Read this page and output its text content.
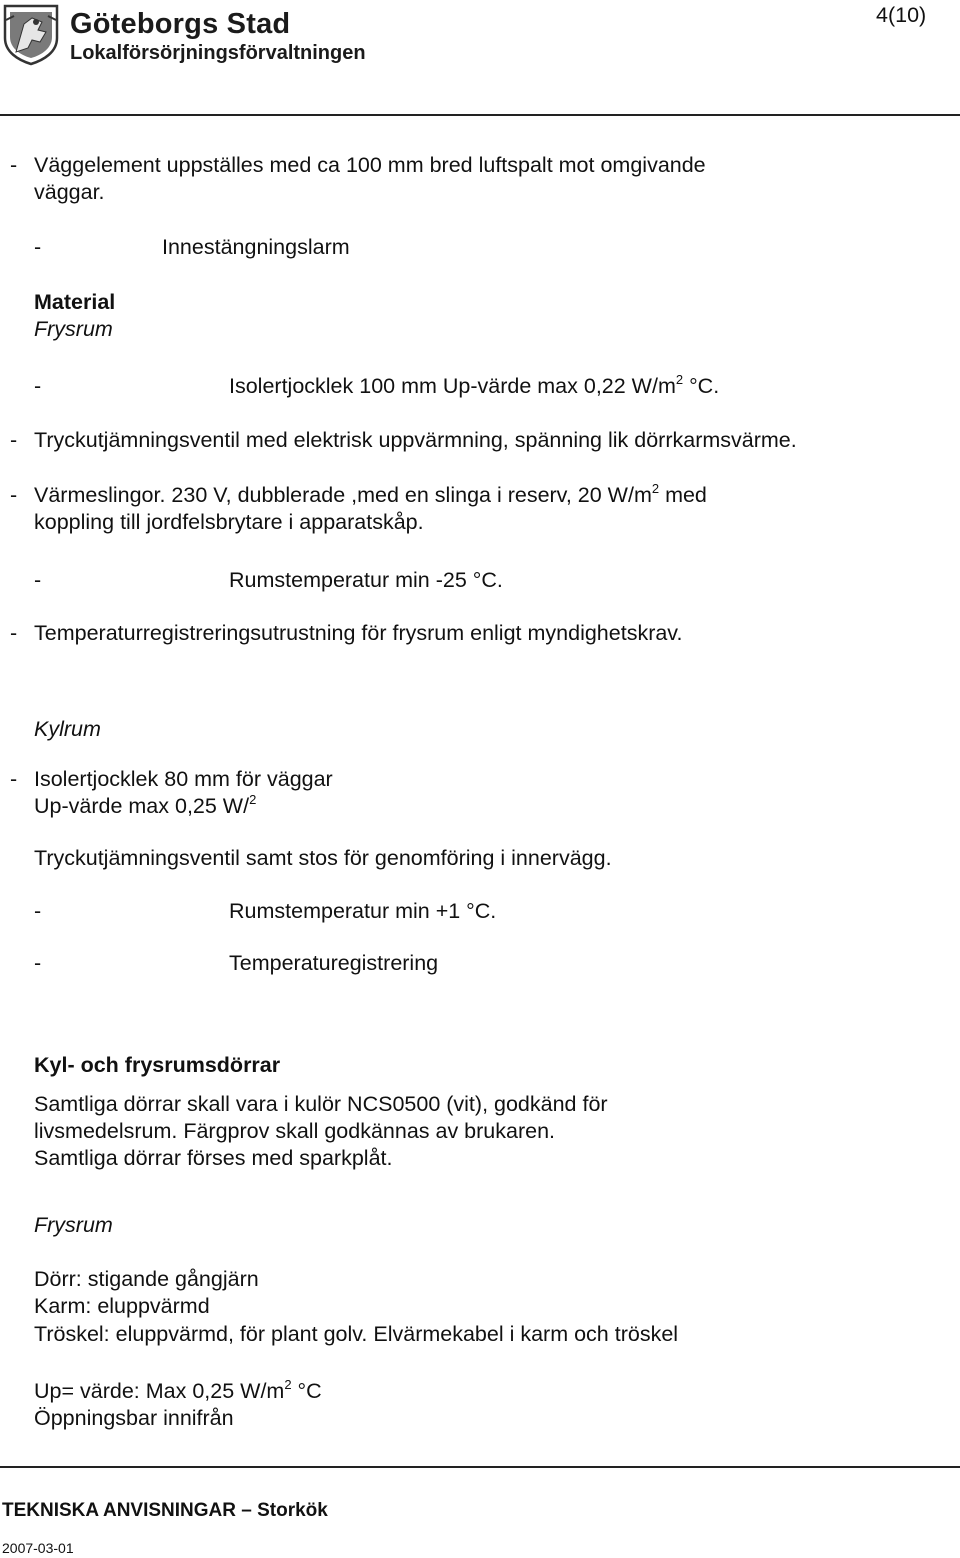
Göteborgs Stad
Lokalförsörjningsförvaltningen
4(10)
- Väggelement uppställes med ca 100 mm bred luftspalt mot omgivande
väggar.
-	Innestängningslarm
Material
Frysrum
-	Isolertjocklek 100 mm Up-värde max 0,22 $W/m^2$ °C.
- Tryckutjämningsventil med elektrisk uppvärmning, spänning lik dörrkarmsvärme.
- Värmeslingor. 230 V, dubblerade ,med en slinga i reserv, 20 $W/m^2$ med
koppling till jordfelsbrytare i apparatskåp.
-	Rumstemperatur min -25 °C.
- Temperaturregistreringsutrustning för frysrum enligt myndighetskrav.
Kylrum
- Isolertjocklek 80 mm för väggar
Up-värde max 0,25 W/$^2$
Tryckutjämningsventil samt stos för genomföring i innervägg.
-	Rumstemperatur min +1 °C.
-	Temperaturegistrering
Kyl- och frysrumsdörrar
Samtliga dörrar skall vara i kulör NCS0500 (vit), godkänd för
livsmedelsrum. Färgprov skall godkännas av brukaren.
Samtliga dörrar förses med sparkplåt.
Frysrum
Dörr: stigande gångjärn
Karm: eluppvärmd
Tröskel: eluppvärmd, för plant golv. Elvärmekabel i karm och tröskel
Up= värde: Max 0,25 $W/m^2$ °C
Öppningsbar innifrån
TEKNISKA ANVISNINGAR – Storkök
2007-03-01
